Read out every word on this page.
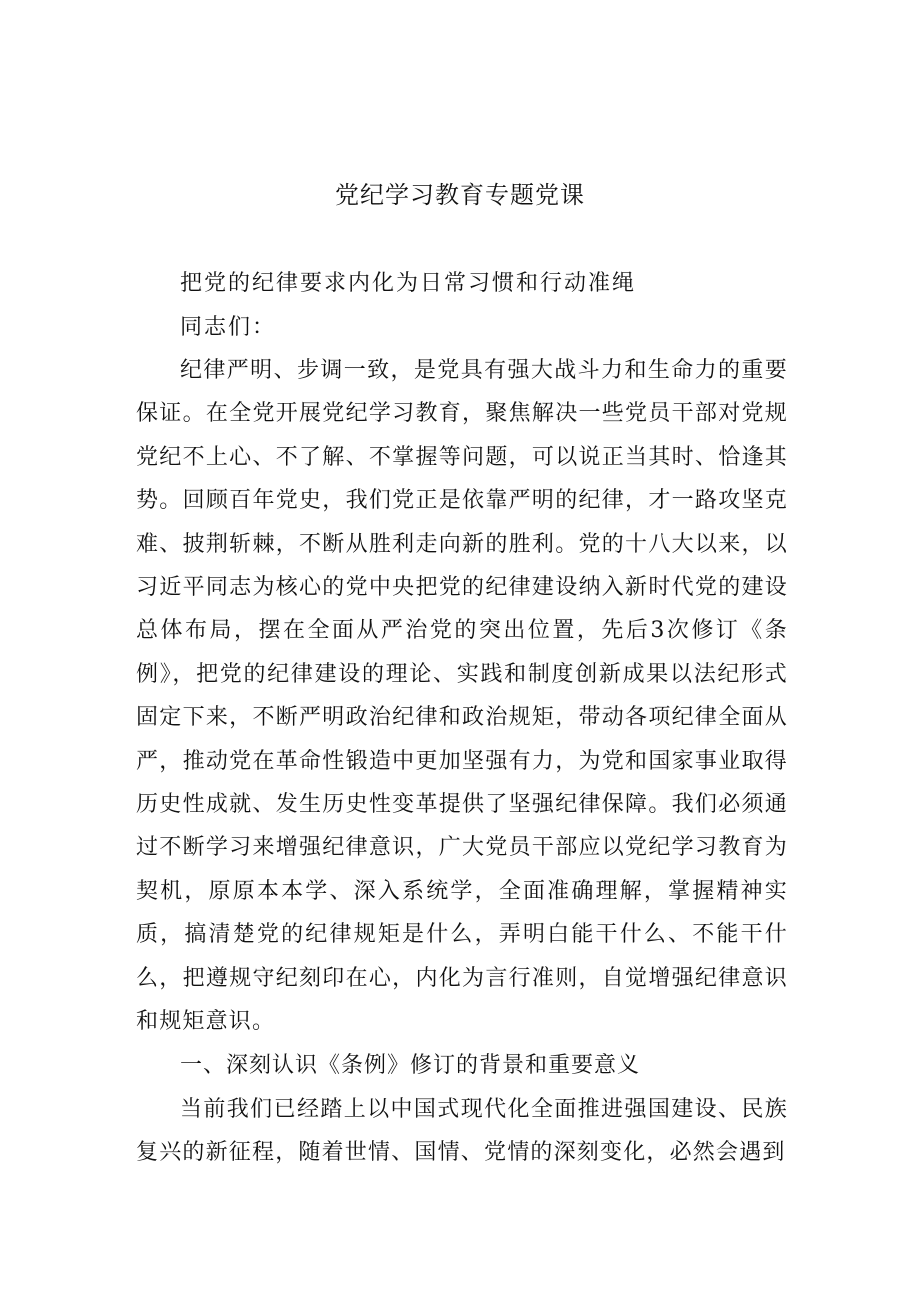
党纪学习教育专题党课
把党的纪律要求内化为日常习惯和行动准绳
同志们：

纪律严明、步调一致，是党具有强大战斗力和生命力的重要保证。在全党开展党纪学习教育，聚焦解决一些党员干部对党规党纪不上心、不了解、不掌握等问题，可以说正当其时、恰逢其势。回顾百年党史，我们党正是依靠严明的纪律，才一路攻坚克难、披荆斩棘，不断从胜利走向新的胜利。党的十八大以来，以习近平同志为核心的党中央把党的纪律建设纳入新时代党的建设总体布局，摆在全面从严治党的突出位置，先后3次修订《条例》，把党的纪律建设的理论、实践和制度创新成果以法纪形式固定下来，不断严明政治纪律和政治规矩，带动各项纪律全面从严，推动党在革命性锻造中更加坚强有力，为党和国家事业取得历史性成就、发生历史性变革提供了坚强纪律保障。我们必须通过不断学习来增强纪律意识，广大党员干部应以党纪学习教育为契机，原原本本学、深入系统学，全面准确理解，掌握精神实质，搞清楚党的纪律规矩是什么，弄明白能干什么、不能干什么，把遵规守纪刻印在心，内化为言行准则，自觉增强纪律意识和规矩意识。

一、深刻认识《条例》修订的背景和重要意义

当前我们已经踏上以中国式现代化全面推进强国建设、民族复兴的新征程，随着世情、国情、党情的深刻变化，必然会遇到
